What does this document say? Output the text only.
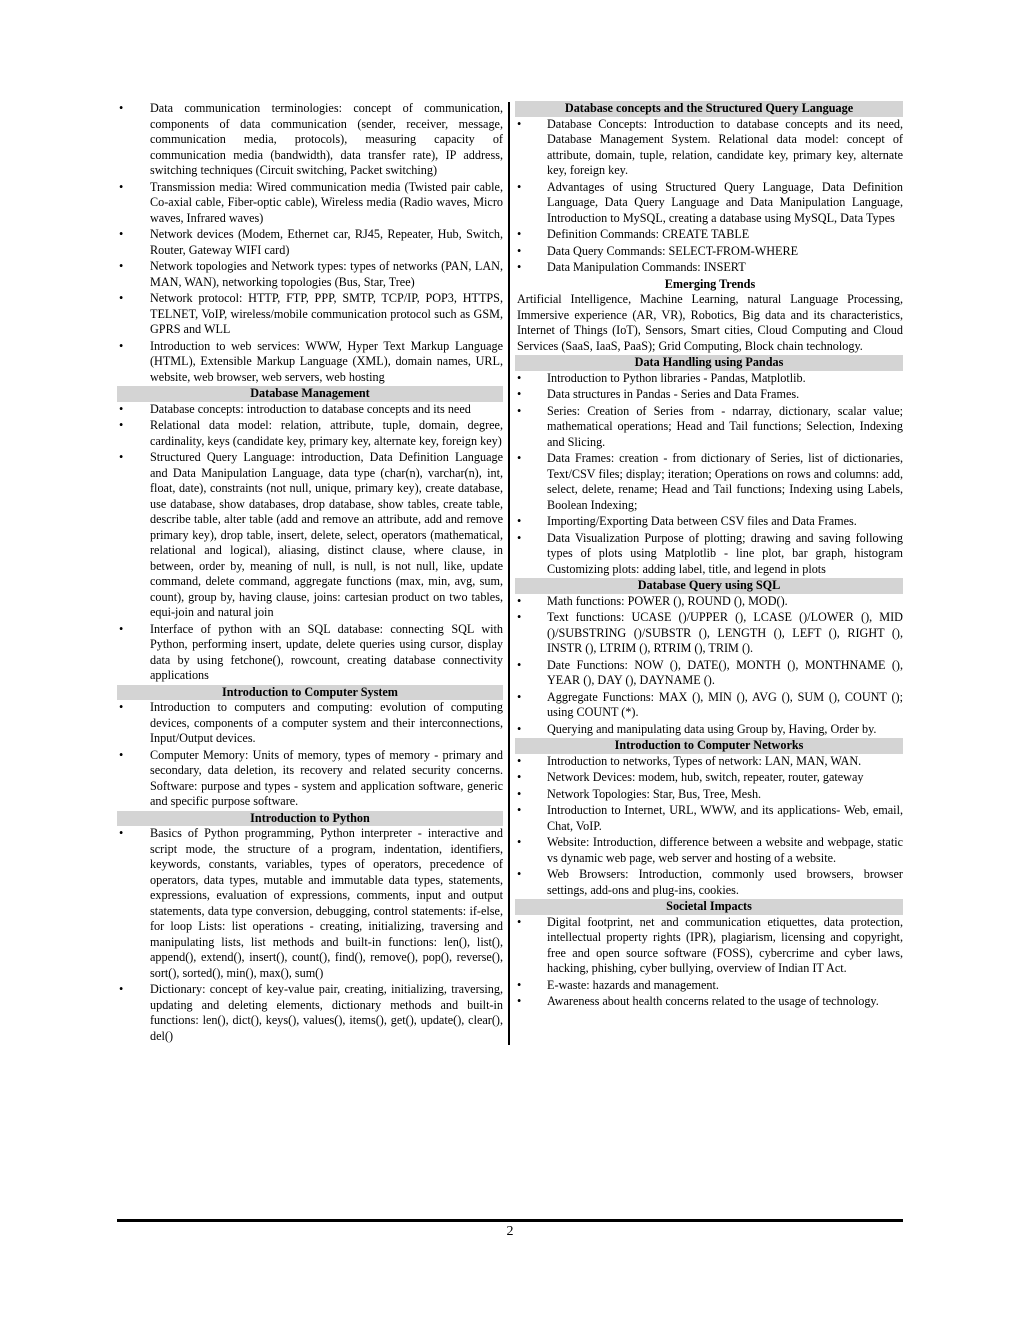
• Data communication terminologies: concept of communication, components of data communication (sender, receiver, message, communication media, protocols), measuring capacity of communication media (bandwidth), data transfer rate), IP address, switching techniques (Circuit switching, Packet switching)
• Transmission media: Wired communication media (Twisted pair cable, Co-axial cable, Fiber-optic cable), Wireless media (Radio waves, Micro waves, Infrared waves)
• Network devices (Modem, Ethernet car, RJ45, Repeater, Hub, Switch, Router, Gateway WIFI card)
• Network topologies and Network types: types of networks (PAN, LAN, MAN, WAN), networking topologies (Bus, Star, Tree)
• Network protocol: HTTP, FTP, PPP, SMTP, TCP/IP, POP3, HTTPS, TELNET, VoIP, wireless/mobile communication protocol such as GSM, GPRS and WLL
• Introduction to web services: WWW, Hyper Text Markup Language (HTML), Extensible Markup Language (XML), domain names, URL, website, web browser, web servers, web hosting
Database Management
• Database concepts: introduction to database concepts and its need
• Relational data model: relation, attribute, tuple, domain, degree, cardinality, keys (candidate key, primary key, alternate key, foreign key)
• Structured Query Language: introduction, Data Definition Language and Data Manipulation Language, data type (char(n), varchar(n), int, float, date), constraints (not null, unique, primary key), create database, use database, show databases, drop database, show tables, create table, describe table, alter table (add and remove an attribute, add and remove primary key), drop table, insert, delete, select, operators (mathematical, relational and logical), aliasing, distinct clause, where clause, in between, order by, meaning of null, is null, is not null, like, update command, delete command, aggregate functions (max, min, avg, sum, count), group by, having clause, joins: cartesian product on two tables, equi-join and natural join
• Interface of python with an SQL database: connecting SQL with Python, performing insert, update, delete queries using cursor, display data by using fetchone(), rowcount, creating database connectivity applications
Introduction to Computer System
• Introduction to computers and computing: evolution of computing devices, components of a computer system and their interconnections, Input/Output devices.
• Computer Memory: Units of memory, types of memory - primary and secondary, data deletion, its recovery and related security concerns. Software: purpose and types - system and application software, generic and specific purpose software.
Introduction to Python
• Basics of Python programming, Python interpreter - interactive and script mode, the structure of a program, indentation, identifiers, keywords, constants, variables, types of operators, precedence of operators, data types, mutable and immutable data types, statements, expressions, evaluation of expressions, comments, input and output statements, data type conversion, debugging, control statements: if-else, for loop Lists: list operations - creating, initializing, traversing and manipulating lists, list methods and built-in functions: len(), list(), append(), extend(), insert(), count(), find(), remove(), pop(), reverse(), sort(), sorted(), min(), max(), sum()
• Dictionary: concept of key-value pair, creating, initializing, traversing, updating and deleting elements, dictionary methods and built-in functions: len(), dict(), keys(), values(), items(), get(), update(), clear(), del()
Database concepts and the Structured Query Language
• Database Concepts: Introduction to database concepts and its need, Database Management System. Relational data model: concept of attribute, domain, tuple, relation, candidate key, primary key, alternate key, foreign key.
• Advantages of using Structured Query Language, Data Definition Language, Data Query Language and Data Manipulation Language, Introduction to MySQL, creating a database using MySQL, Data Types
• Definition Commands: CREATE TABLE
• Data Query Commands: SELECT-FROM-WHERE
• Data Manipulation Commands: INSERT
Emerging Trends
Artificial Intelligence, Machine Learning, natural Language Processing, Immersive experience (AR, VR), Robotics, Big data and its characteristics, Internet of Things (IoT), Sensors, Smart cities, Cloud Computing and Cloud Services (SaaS, IaaS, PaaS); Grid Computing, Block chain technology.
Data Handling using Pandas
• Introduction to Python libraries - Pandas, Matplotlib.
• Data structures in Pandas - Series and Data Frames.
• Series: Creation of Series from - ndarray, dictionary, scalar value; mathematical operations; Head and Tail functions; Selection, Indexing and Slicing.
• Data Frames: creation - from dictionary of Series, list of dictionaries, Text/CSV files; display; iteration; Operations on rows and columns: add, select, delete, rename; Head and Tail functions; Indexing using Labels, Boolean Indexing;
• Importing/Exporting Data between CSV files and Data Frames.
• Data Visualization Purpose of plotting; drawing and saving following types of plots using Matplotlib - line plot, bar graph, histogram Customizing plots: adding label, title, and legend in plots
Database Query using SQL
• Math functions: POWER (), ROUND (), MOD().
• Text functions: UCASE ()/UPPER (), LCASE ()/LOWER (), MID ()/SUBSTRING ()/SUBSTR (), LENGTH (), LEFT (), RIGHT (), INSTR (), LTRIM (), RTRIM (), TRIM ().
• Date Functions: NOW (), DATE(), MONTH (), MONTHNAME (), YEAR (), DAY (), DAYNAME ().
• Aggregate Functions: MAX (), MIN (), AVG (), SUM (), COUNT (); using COUNT (*).
• Querying and manipulating data using Group by, Having, Order by.
Introduction to Computer Networks
• Introduction to networks, Types of network: LAN, MAN, WAN.
• Network Devices: modem, hub, switch, repeater, router, gateway
• Network Topologies: Star, Bus, Tree, Mesh.
• Introduction to Internet, URL, WWW, and its applications- Web, email, Chat, VoIP.
• Website: Introduction, difference between a website and webpage, static vs dynamic web page, web server and hosting of a website.
• Web Browsers: Introduction, commonly used browsers, browser settings, add-ons and plug-ins, cookies.
Societal Impacts
• Digital footprint, net and communication etiquettes, data protection, intellectual property rights (IPR), plagiarism, licensing and copyright, free and open source software (FOSS), cybercrime and cyber laws, hacking, phishing, cyber bullying, overview of Indian IT Act.
• E-waste: hazards and management.
• Awareness about health concerns related to the usage of technology.
2
